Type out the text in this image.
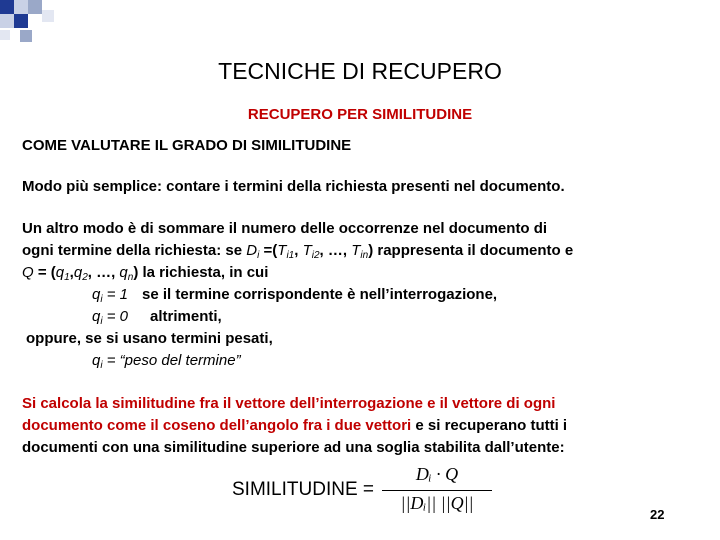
TECNICHE DI RECUPERO
RECUPERO PER SIMILITUDINE
COME VALUTARE IL GRADO DI SIMILITUDINE
Modo più semplice: contare i termini della richiesta presenti nel documento.
Un altro modo è di sommare il numero delle occorrenze nel documento di
ogni termine della richiesta: se $D_i =(T_{i1}$, $T_{i2}$, …, $T_{in}$) rappresenta il documento e
$Q = (q_1,q_2$, …, $q_n$) la richiesta, in cui
$q_i = 1$ se il termine corrispondente è nell’interrogazione,
$q_i = 0$ altrimenti,
oppure, se si usano termini pesati,
$q_i$ = “peso del termine”
Si calcola la similitudine fra il vettore dell’interrogazione e il vettore di ogni
documento come il coseno dell’angolo fra i due vettori e si recuperano tutti i
documenti con una similitudine superiore ad una soglia stabilita dall’utente:
SIMILITUDINE =
Dᵢ · Q
||Dᵢ|| ||Q||
22
